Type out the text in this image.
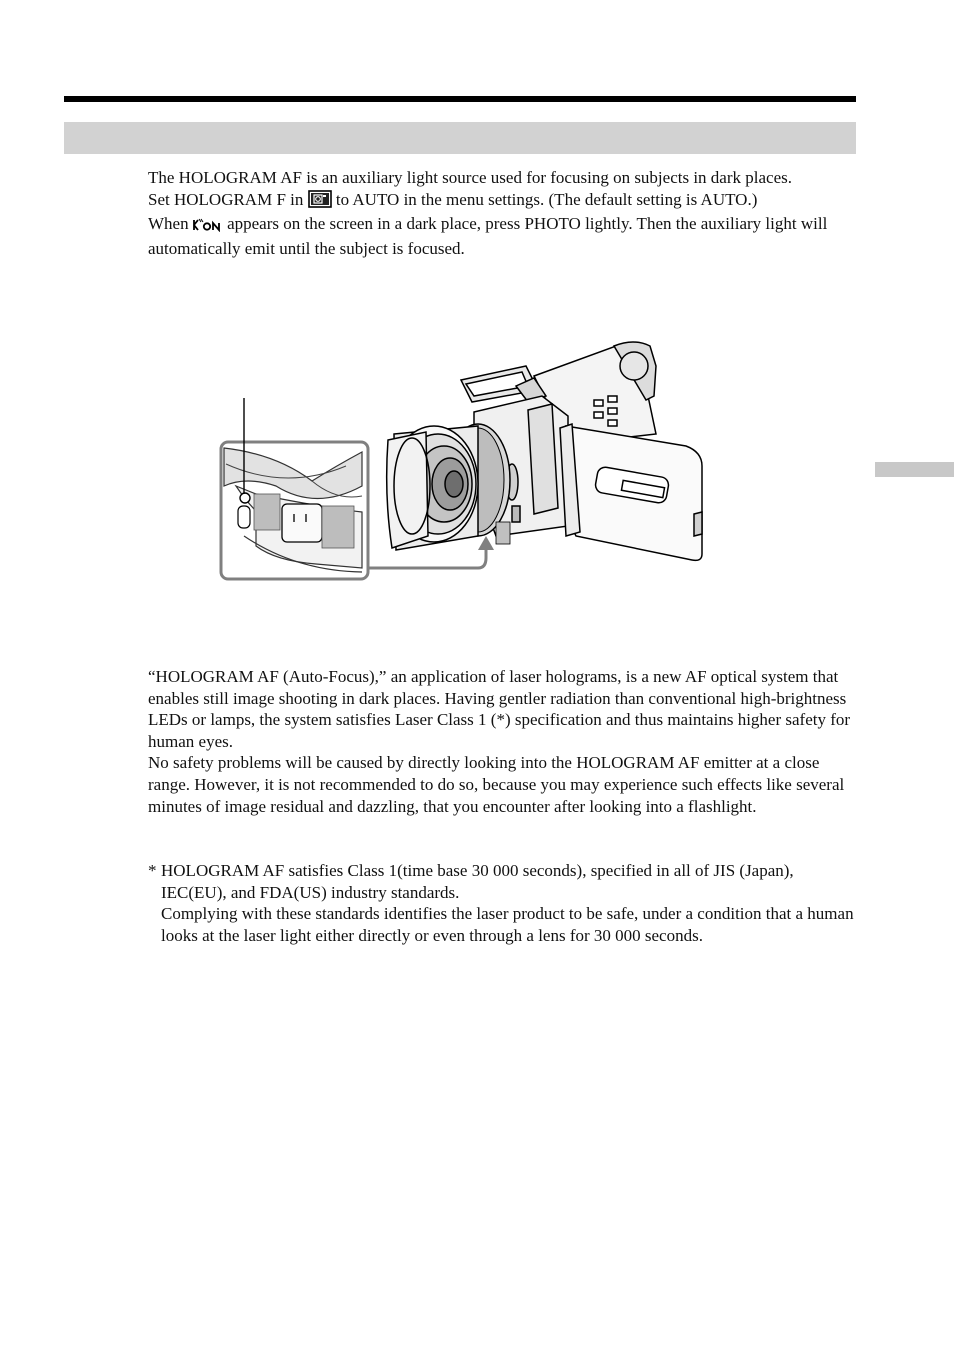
The HOLOGRAM AF is an auxiliary light source used for focusing on subjects in dark places.

Set HOLOGRAM F in  to AUTO in the menu settings. (The default setting is AUTO.)

When  appears on the screen in a dark place, press PHOTO lightly. Then the auxiliary light will automatically emit until the subject is focused.

“HOLOGRAM AF (Auto-Focus),” an application of laser holograms, is a new AF optical system that enables still image shooting in dark places. Having gentler radiation than conventional high-brightness LEDs or lamps, the system satisfies Laser Class 1 (*) specification and thus maintains higher safety for human eyes.

No safety problems will be caused by directly looking into the HOLOGRAM AF emitter at a close range. However, it is not recommended to do so, because you may experience such effects like several minutes of image residual and dazzling, that you encounter after looking into a flashlight.

* HOLOGRAM AF satisfies Class 1(time base 30 000 seconds), specified in all of JIS (Japan), IEC(EU), and FDA(US) industry standards.

Complying with these standards identifies the laser product to be safe, under a condition that a human looks at the laser light either directly or even through a lens for 30 000 seconds.
